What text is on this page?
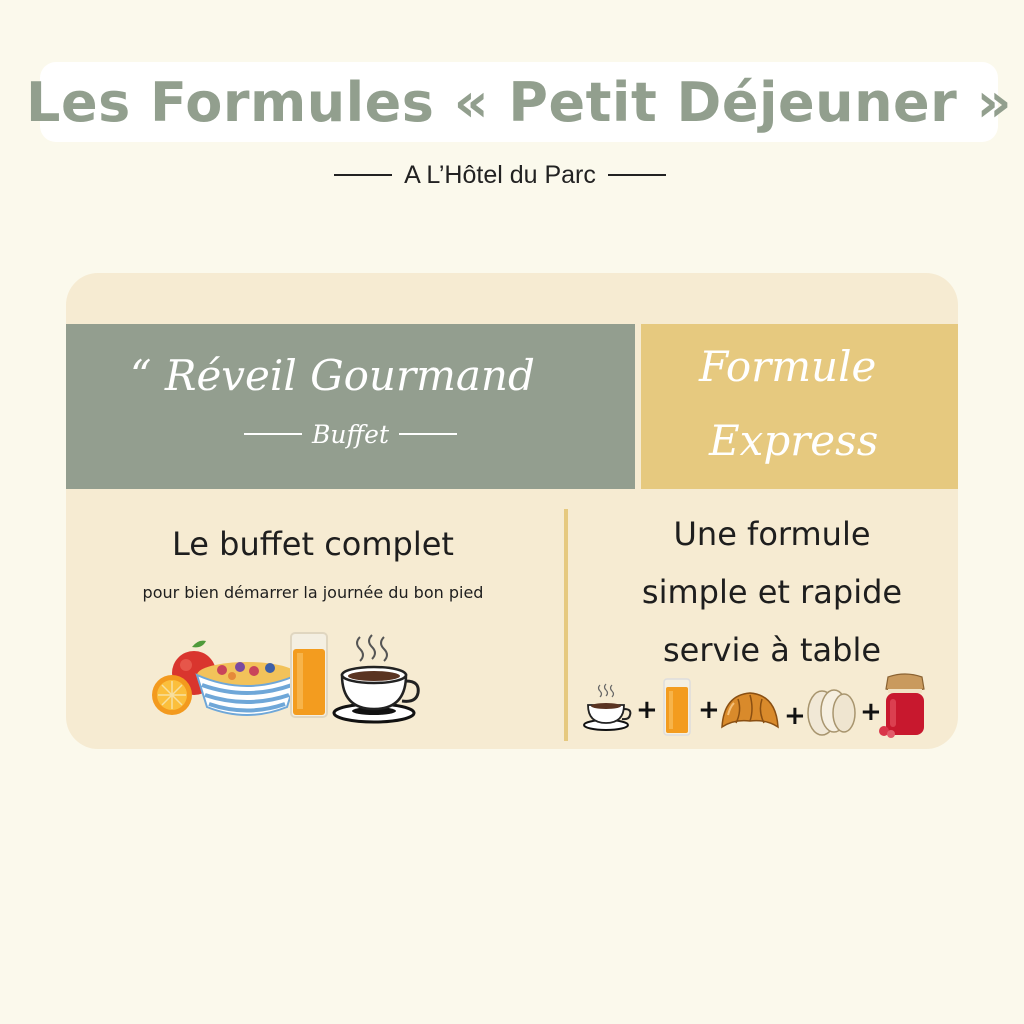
Les Formules « Petit Déjeuner »
A L’Hôtel du Parc
“ Réveil Gourmand
Buffet
Formule
Express
Le buffet complet
pour bien démarrer la journée du bon pied
Une formule
simple et rapide
servie à table
+ + + +
